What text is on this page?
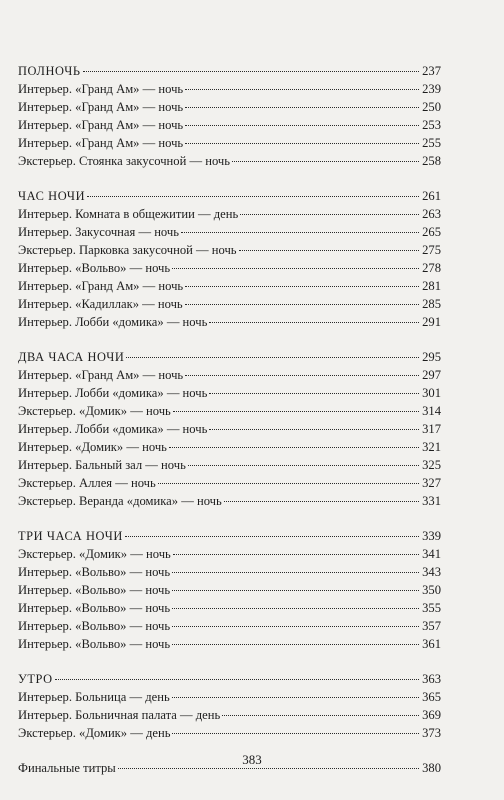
ПОЛНОЧЬ	237
Интерьер. «Гранд Ам» — ночь	239
Интерьер. «Гранд Ам» — ночь	250
Интерьер. «Гранд Ам» — ночь	253
Интерьер. «Гранд Ам» — ночь	255
Экстерьер. Стоянка закусочной — ночь	258
ЧАС НОЧИ	261
Интерьер. Комната в общежитии — день	263
Интерьер. Закусочная — ночь	265
Экстерьер. Парковка закусочной — ночь	275
Интерьер. «Вольво» — ночь	278
Интерьер. «Гранд Ам» — ночь	281
Интерьер. «Кадиллак» — ночь	285
Интерьер. Лобби «домика» — ночь	291
ДВА ЧАСА НОЧИ	295
Интерьер. «Гранд Ам» — ночь	297
Интерьер. Лобби «домика» — ночь	301
Экстерьер. «Домик» — ночь	314
Интерьер. Лобби «домика» — ночь	317
Интерьер. «Домик» — ночь	321
Интерьер. Бальный зал — ночь	325
Экстерьер. Аллея — ночь	327
Экстерьер. Веранда «домика» — ночь	331
ТРИ ЧАСА НОЧИ	339
Экстерьер. «Домик» — ночь	341
Интерьер. «Вольво» — ночь	343
Интерьер. «Вольво» — ночь	350
Интерьер. «Вольво» — ночь	355
Интерьер. «Вольво» — ночь	357
Интерьер. «Вольво» — ночь	361
УТРО	363
Интерьер. Больница — день	365
Интерьер. Больничная палата — день	369
Экстерьер. «Домик» — день	373
Финальные титры	380
383
